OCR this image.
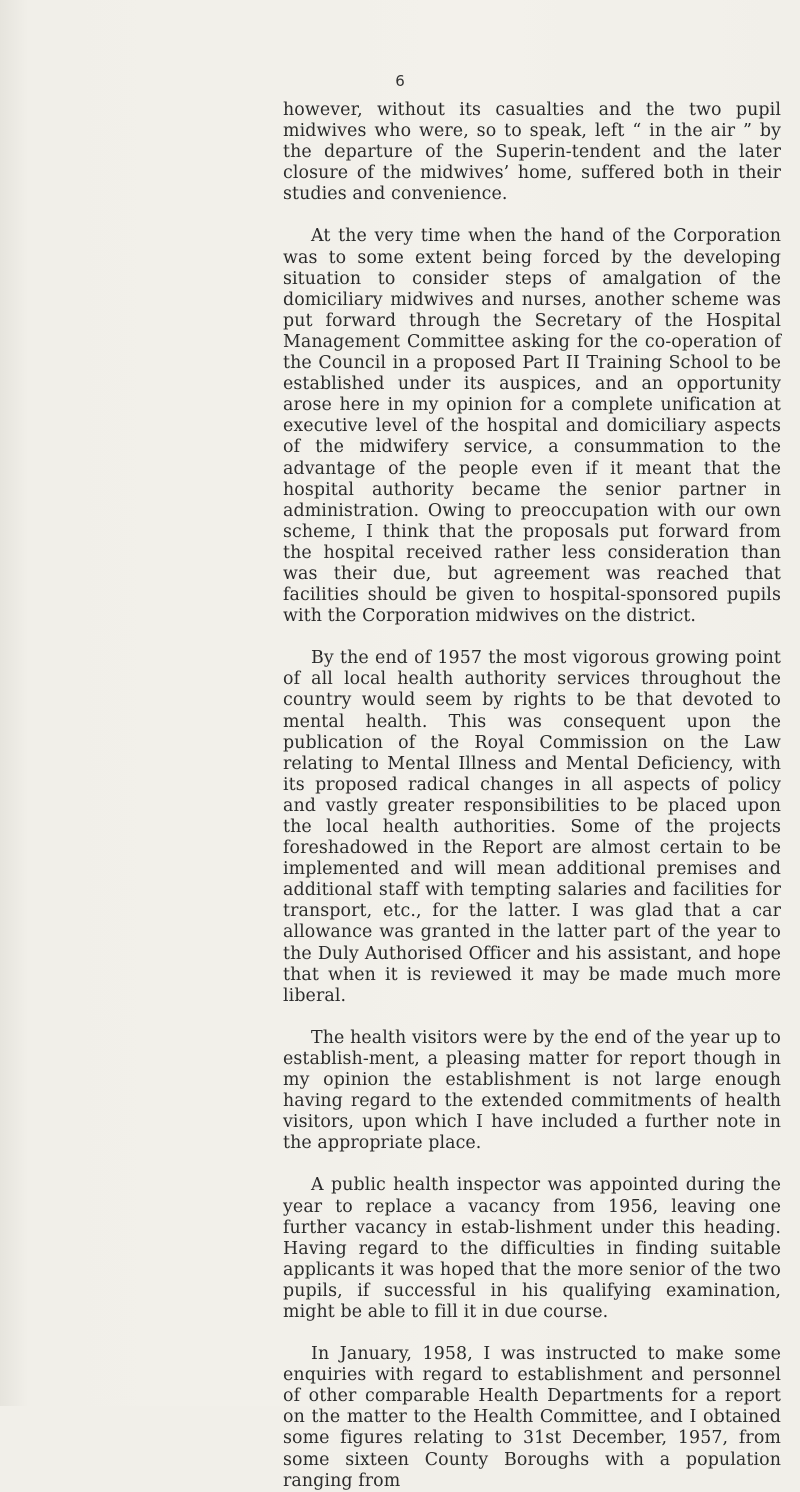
6

however, without its casualties and the two pupil midwives who were, so to speak, left “ in the air ” by the departure of the Superin-tendent and the later closure of the midwives’ home, suffered both in their studies and convenience.

At the very time when the hand of the Corporation was to some extent being forced by the developing situation to consider steps of amalgation of the domiciliary midwives and nurses, another scheme was put forward through the Secretary of the Hospital Management Committee asking for the co-operation of the Council in a proposed Part II Training School to be established under its auspices, and an opportunity arose here in my opinion for a complete unification at executive level of the hospital and domiciliary aspects of the midwifery service, a consummation to the advantage of the people even if it meant that the hospital authority became the senior partner in administration. Owing to preoccupation with our own scheme, I think that the proposals put forward from the hospital received rather less consideration than was their due, but agreement was reached that facilities should be given to hospital-sponsored pupils with the Corporation midwives on the district.

By the end of 1957 the most vigorous growing point of all local health authority services throughout the country would seem by rights to be that devoted to mental health. This was consequent upon the publication of the Royal Commission on the Law relating to Mental Illness and Mental Deficiency, with its proposed radical changes in all aspects of policy and vastly greater responsibilities to be placed upon the local health authorities. Some of the projects foreshadowed in the Report are almost certain to be implemented and will mean additional premises and additional staff with tempting salaries and facilities for transport, etc., for the latter. I was glad that a car allowance was granted in the latter part of the year to the Duly Authorised Officer and his assistant, and hope that when it is reviewed it may be made much more liberal.

The health visitors were by the end of the year up to establish-ment, a pleasing matter for report though in my opinion the establishment is not large enough having regard to the extended commitments of health visitors, upon which I have included a further note in the appropriate place.

A public health inspector was appointed during the year to replace a vacancy from 1956, leaving one further vacancy in estab-lishment under this heading. Having regard to the difficulties in finding suitable applicants it was hoped that the more senior of the two pupils, if successful in his qualifying examination, might be able to fill it in due course.

In January, 1958, I was instructed to make some enquiries with regard to establishment and personnel of other comparable Health Departments for a report on the matter to the Health Committee, and I obtained some figures relating to 31st December, 1957, from some sixteen County Boroughs with a population ranging from
